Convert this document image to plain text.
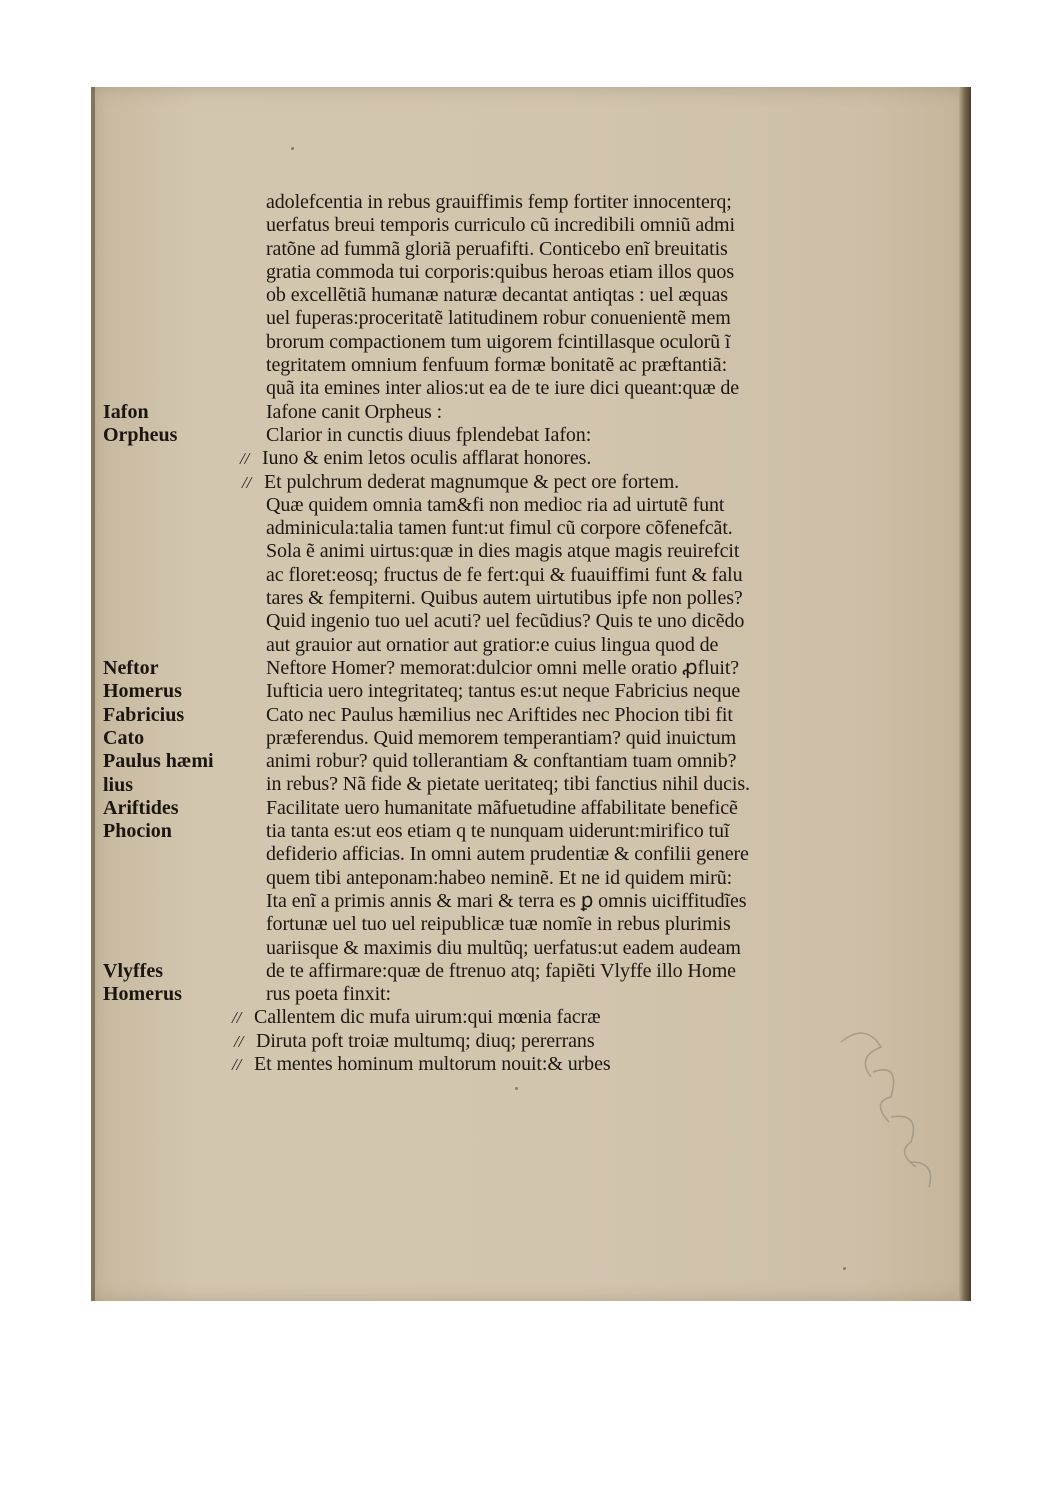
Iafon
Orpheus
Neftor
Homerus
Fabricius
Cato
Paulus hæmi
lius
Ariftides
Phocion
Vlyffes
Homerus
adolefcentia in rebus grauiffimis femp fortiter innocenterq;
uerfatus breui temporis curriculo cũ incredibili omniũ admi
ratõne ad fummã gloriã peruafifti. Conticebo enĩ breuitatis
gratia commoda tui corporis:quibus heroas etiam illos quos
ob excellẽtiã humanæ naturæ decantat antiqtas : uel æquas
uel fuperas:proceritatẽ latitudinem robur conuenientẽ mem
brorum compactionem tum uigorem fcintillasque oculorũ ĩ
tegritatem omnium fenfuum formæ bonitatẽ ac præftantiã:
quã ita emines inter alios:ut ea de te iure dici queant:quæ de
Iafone canit Orpheus :
Clarior in cunctis diuus fplendebat Iafon:
// Iuno & enim letos oculis afflarat honores.
// Et pulchrum dederat magnumque & pect ore fortem.
Quæ quidem omnia tam&fi non medioc ria ad uirtutẽ funt
adminicula:talia tamen funt:ut fimul cũ corpore cõfenefcãt.
Sola ẽ animi uirtus:quæ in dies magis atque magis reuirefcit
ac floret:eosq; fructus de fe fert:qui & fuauiffimi funt & falu
tares & fempiterni. Quibus autem uirtutibus ipfe non polles?
Quid ingenio tuo uel acuti? uel fecũdius? Quis te uno dicẽdo
aut grauior aut ornatior aut gratior:e cuius lingua quod de
Neftore Homer? memorat:dulcior omni melle oratio ꝓfluit?
Iufticia uero integritateq; tantus es:ut neque Fabricius neque
Cato nec Paulus hæmilius nec Ariftides nec Phocion tibi fit
præferendus. Quid memorem temperantiam? quid inuictum
animi robur? quid tollerantiam & conftantiam tuam omnib?
in rebus? Nã fide & pietate ueritateq; tibi fanctius nihil ducis.
Facilitate uero humanitate mãfuetudine affabilitate beneficẽ
tia tanta es:ut eos etiam q te nunquam uiderunt:mirifico tuĩ
defiderio afficias. In omni autem prudentiæ & confilii genere
quem tibi anteponam:habeo neminẽ. Et ne id quidem mirũ:
Ita enĩ a primis annis & mari & terra es ꝑ omnis uiciffitudĩes
fortunæ uel tuo uel reipublicæ tuæ nomĩe in rebus plurimis
uariisque & maximis diu multũq; uerfatus:ut eadem audeam
de te affirmare:quæ de ftrenuo atq; fapiẽti Vlyffe illo Home
rus poeta finxit:
// Callentem dic mufa uirum:qui mœnia facræ
// Diruta poft troiæ multumq; diuq; pererrans
// Et mentes hominum multorum nouit:& urbes
